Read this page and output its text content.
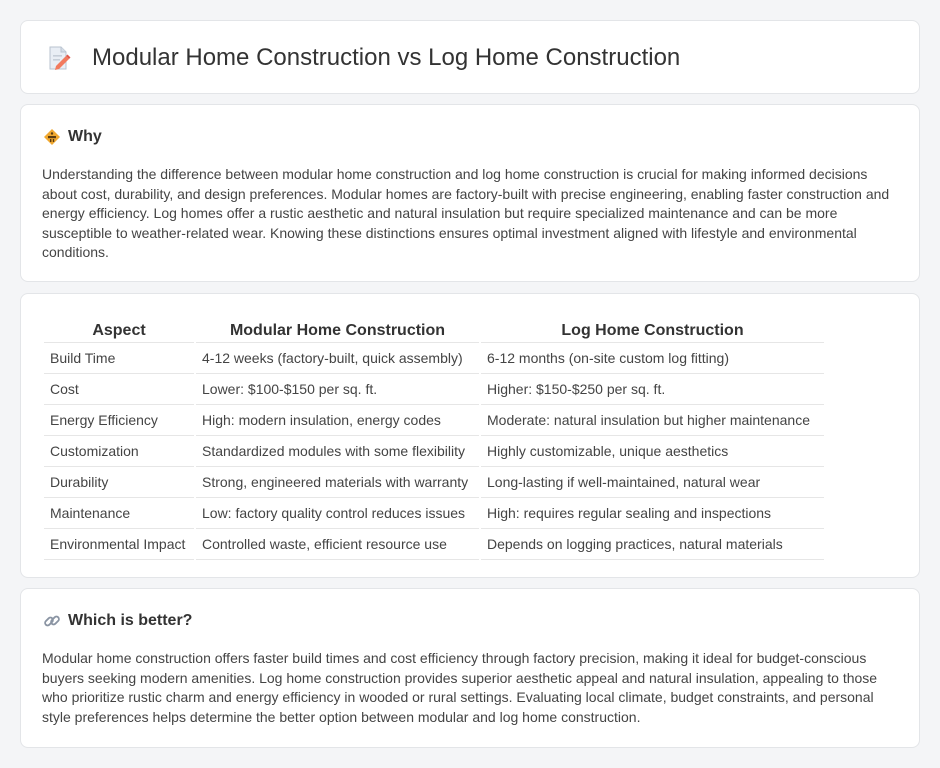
Modular Home Construction vs Log Home Construction
Why

Understanding the difference between modular home construction and log home construction is crucial for making informed decisions about cost, durability, and design preferences. Modular homes are factory-built with precise engineering, enabling faster construction and energy efficiency. Log homes offer a rustic aesthetic and natural insulation but require specialized maintenance and can be more susceptible to weather-related wear. Knowing these distinctions ensures optimal investment aligned with lifestyle and environmental conditions.

Aspect	Modular Home Construction	Log Home Construction
Build Time	4-12 weeks (factory-built, quick assembly)	6-12 months (on-site custom log fitting)
Cost	Lower: $100-$150 per sq. ft.	Higher: $150-$250 per sq. ft.
Energy Efficiency	High: modern insulation, energy codes	Moderate: natural insulation but higher maintenance
Customization	Standardized modules with some flexibility	Highly customizable, unique aesthetics
Durability	Strong, engineered materials with warranty	Long-lasting if well-maintained, natural wear
Maintenance	Low: factory quality control reduces issues	High: requires regular sealing and inspections
Environmental Impact	Controlled waste, efficient resource use	Depends on logging practices, natural materials
Which is better?

Modular home construction offers faster build times and cost efficiency through factory precision, making it ideal for budget-conscious buyers seeking modern amenities. Log home construction provides superior aesthetic appeal and natural insulation, appealing to those who prioritize rustic charm and energy efficiency in wooded or rural settings. Evaluating local climate, budget constraints, and personal style preferences helps determine the better option between modular and log home construction.
